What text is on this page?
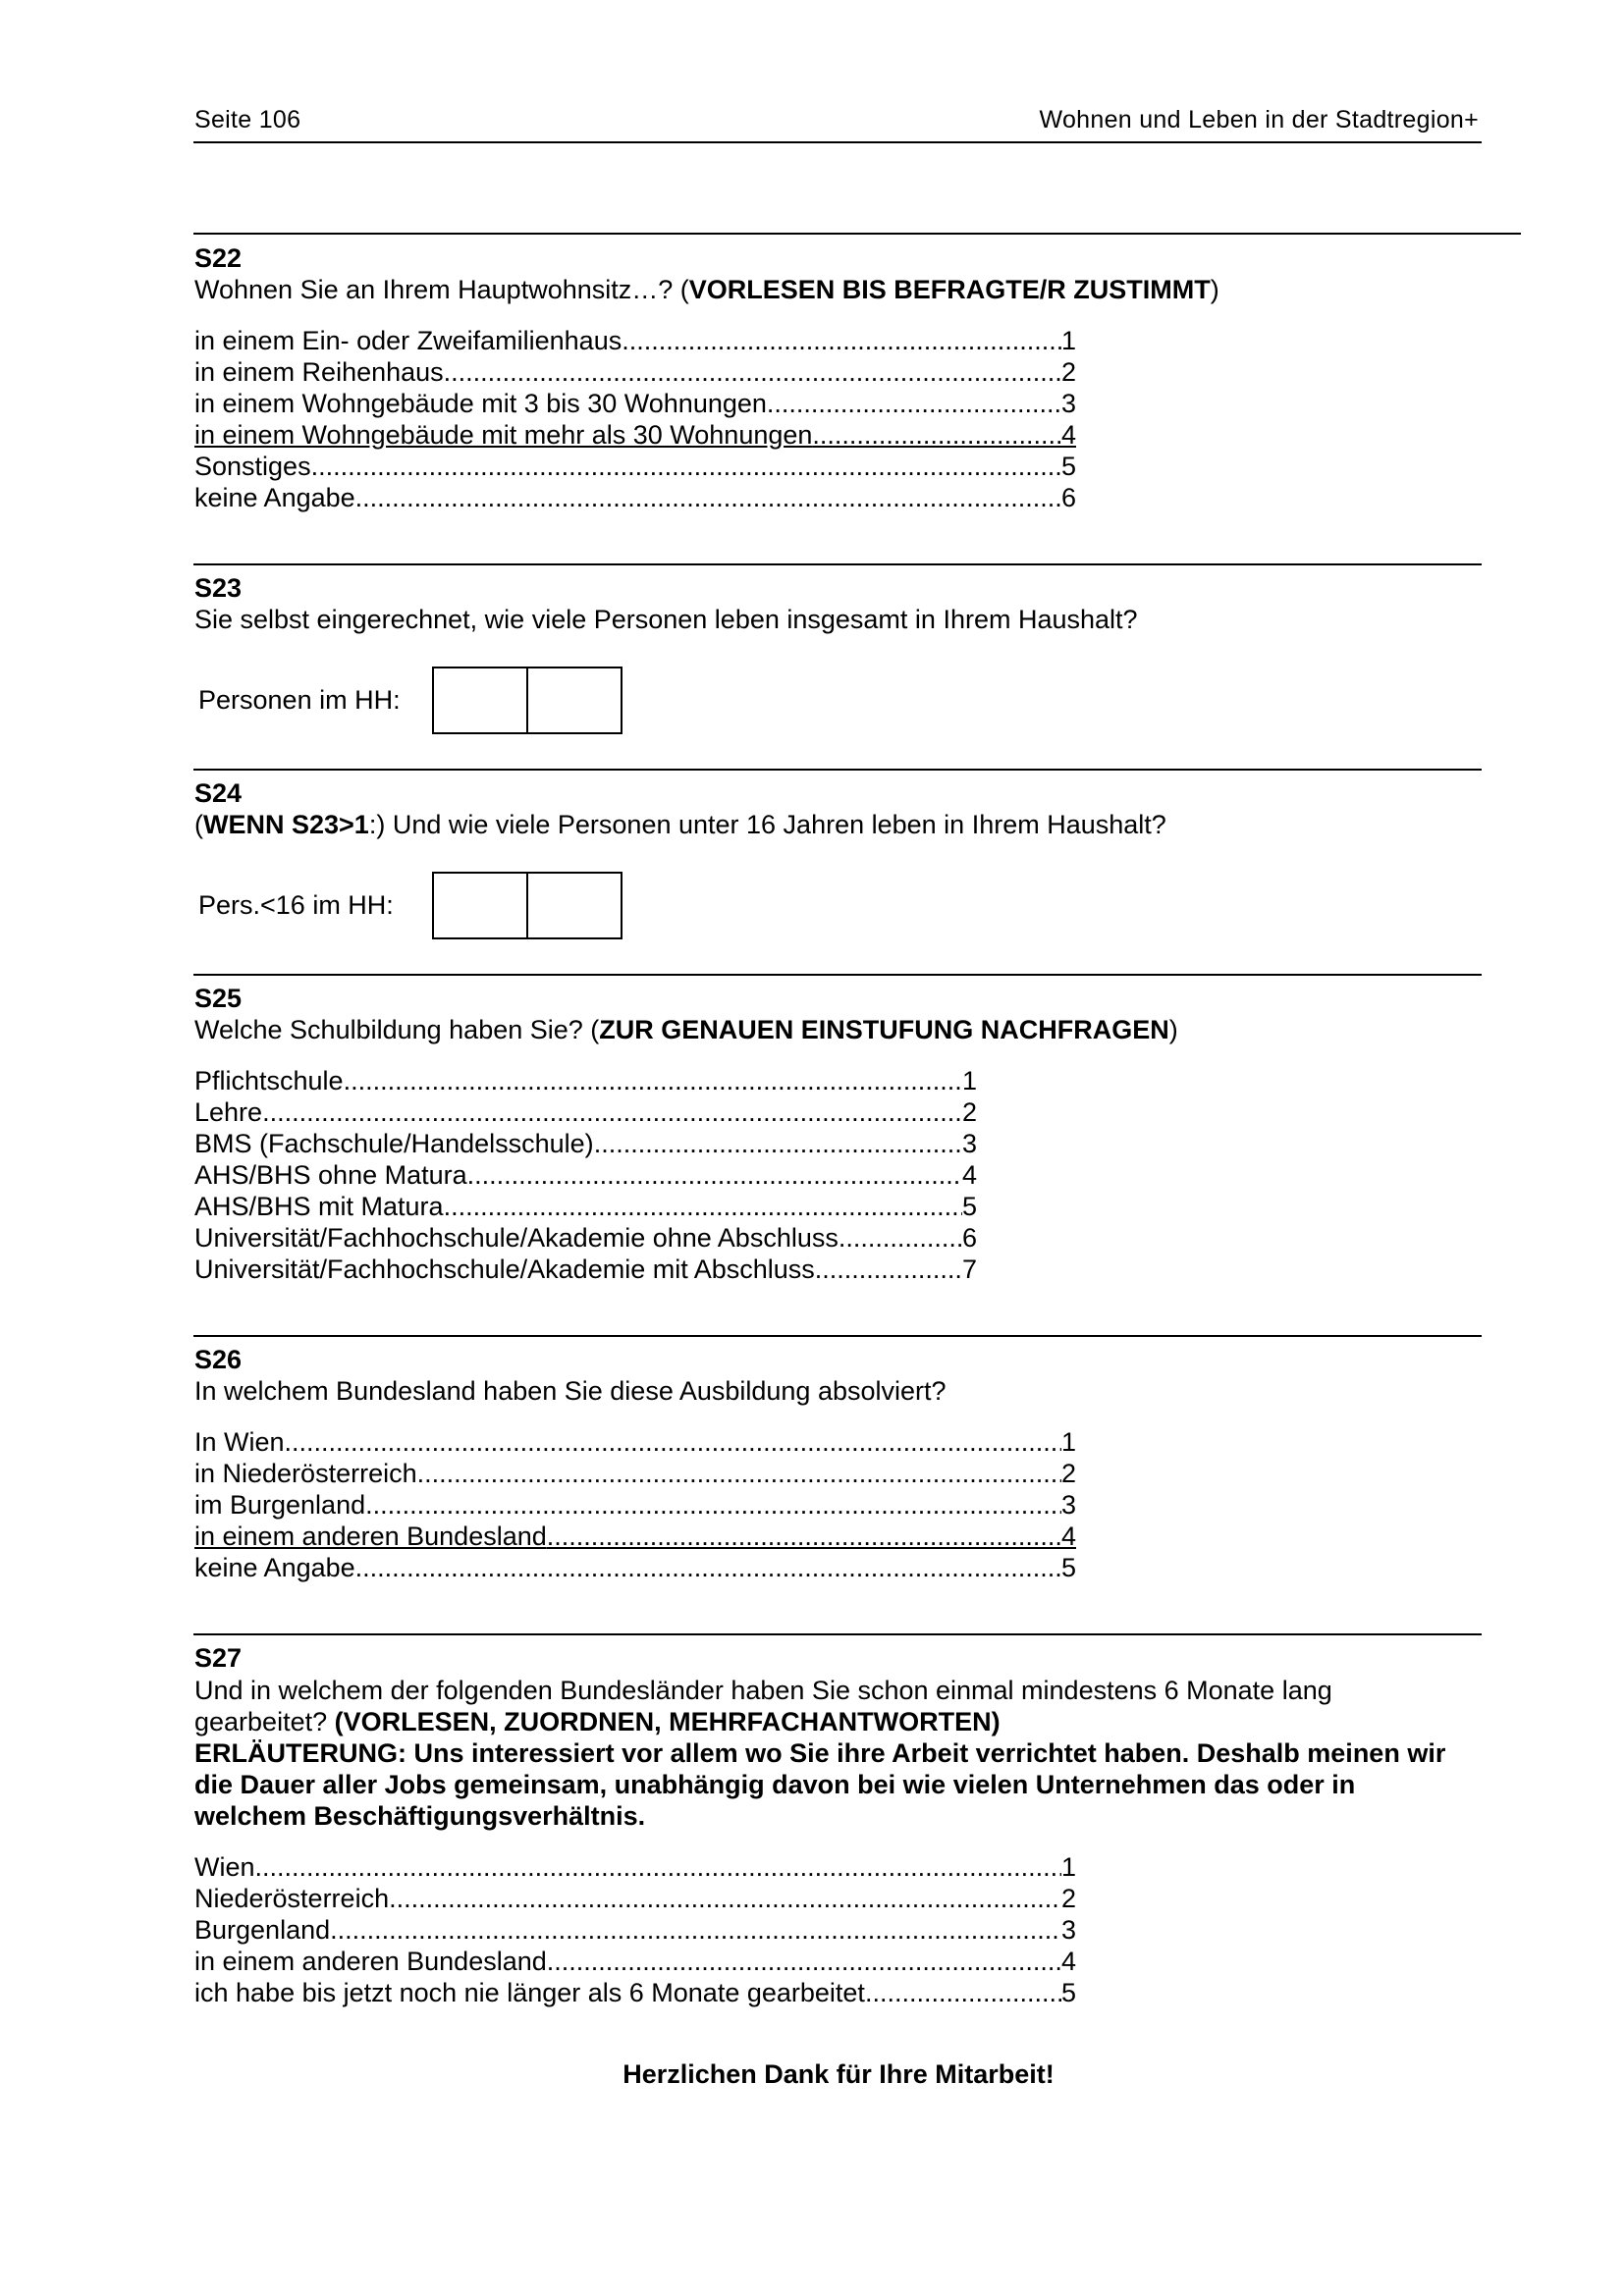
Seite 106	Wohnen und Leben in der Stadtregion+
S22
Wohnen Sie an Ihrem Hauptwohnsitz…? (VORLESEN BIS BEFRAGTE/R ZUSTIMMT)
in einem Ein- oder Zweifamilienhaus .....	1
in einem Reihenhaus .....	2
in einem Wohngebäude mit 3 bis 30 Wohnungen .....	3
in einem Wohngebäude mit mehr als 30 Wohnungen .....	4
Sonstiges .....	5
keine Angabe .....	6
S23
Sie selbst eingerechnet, wie viele Personen leben insgesamt in Ihrem Haushalt?
Personen im HH:
S24
(WENN S23>1:) Und wie viele Personen unter 16 Jahren leben in Ihrem Haushalt?
Pers.<16 im HH:
S25
Welche Schulbildung haben Sie? (ZUR GENAUEN EINSTUFUNG NACHFRAGEN)
Pflichtschule .....	1
Lehre .....	2
BMS (Fachschule/Handelsschule) .....	3
AHS/BHS ohne Matura .....	4
AHS/BHS mit Matura .....	5
Universität/Fachhochschule/Akademie ohne Abschluss .....	6
Universität/Fachhochschule/Akademie mit Abschluss .....	7
S26
In welchem Bundesland haben Sie diese Ausbildung absolviert?
In Wien .....	1
in Niederösterreich .....	2
im Burgenland .....	3
in einem anderen Bundesland .....	4
keine Angabe .....	5
S27
Und in welchem der folgenden Bundesländer haben Sie schon einmal mindestens 6 Monate lang
gearbeitet? (VORLESEN, ZUORDNEN, MEHRFACHANTWORTEN)
ERLÄUTERUNG: Uns interessiert vor allem wo Sie ihre Arbeit verrichtet haben. Deshalb meinen wir die Dauer aller Jobs gemeinsam, unabhängig davon bei wie vielen Unternehmen das oder in welchem Beschäftigungsverhältnis.
Wien .....	1
Niederösterreich .....	2
Burgenland .....	3
in einem anderen Bundesland .....	4
ich habe bis jetzt noch nie länger als 6 Monate gearbeitet .....	5
Herzlichen Dank für Ihre Mitarbeit!
